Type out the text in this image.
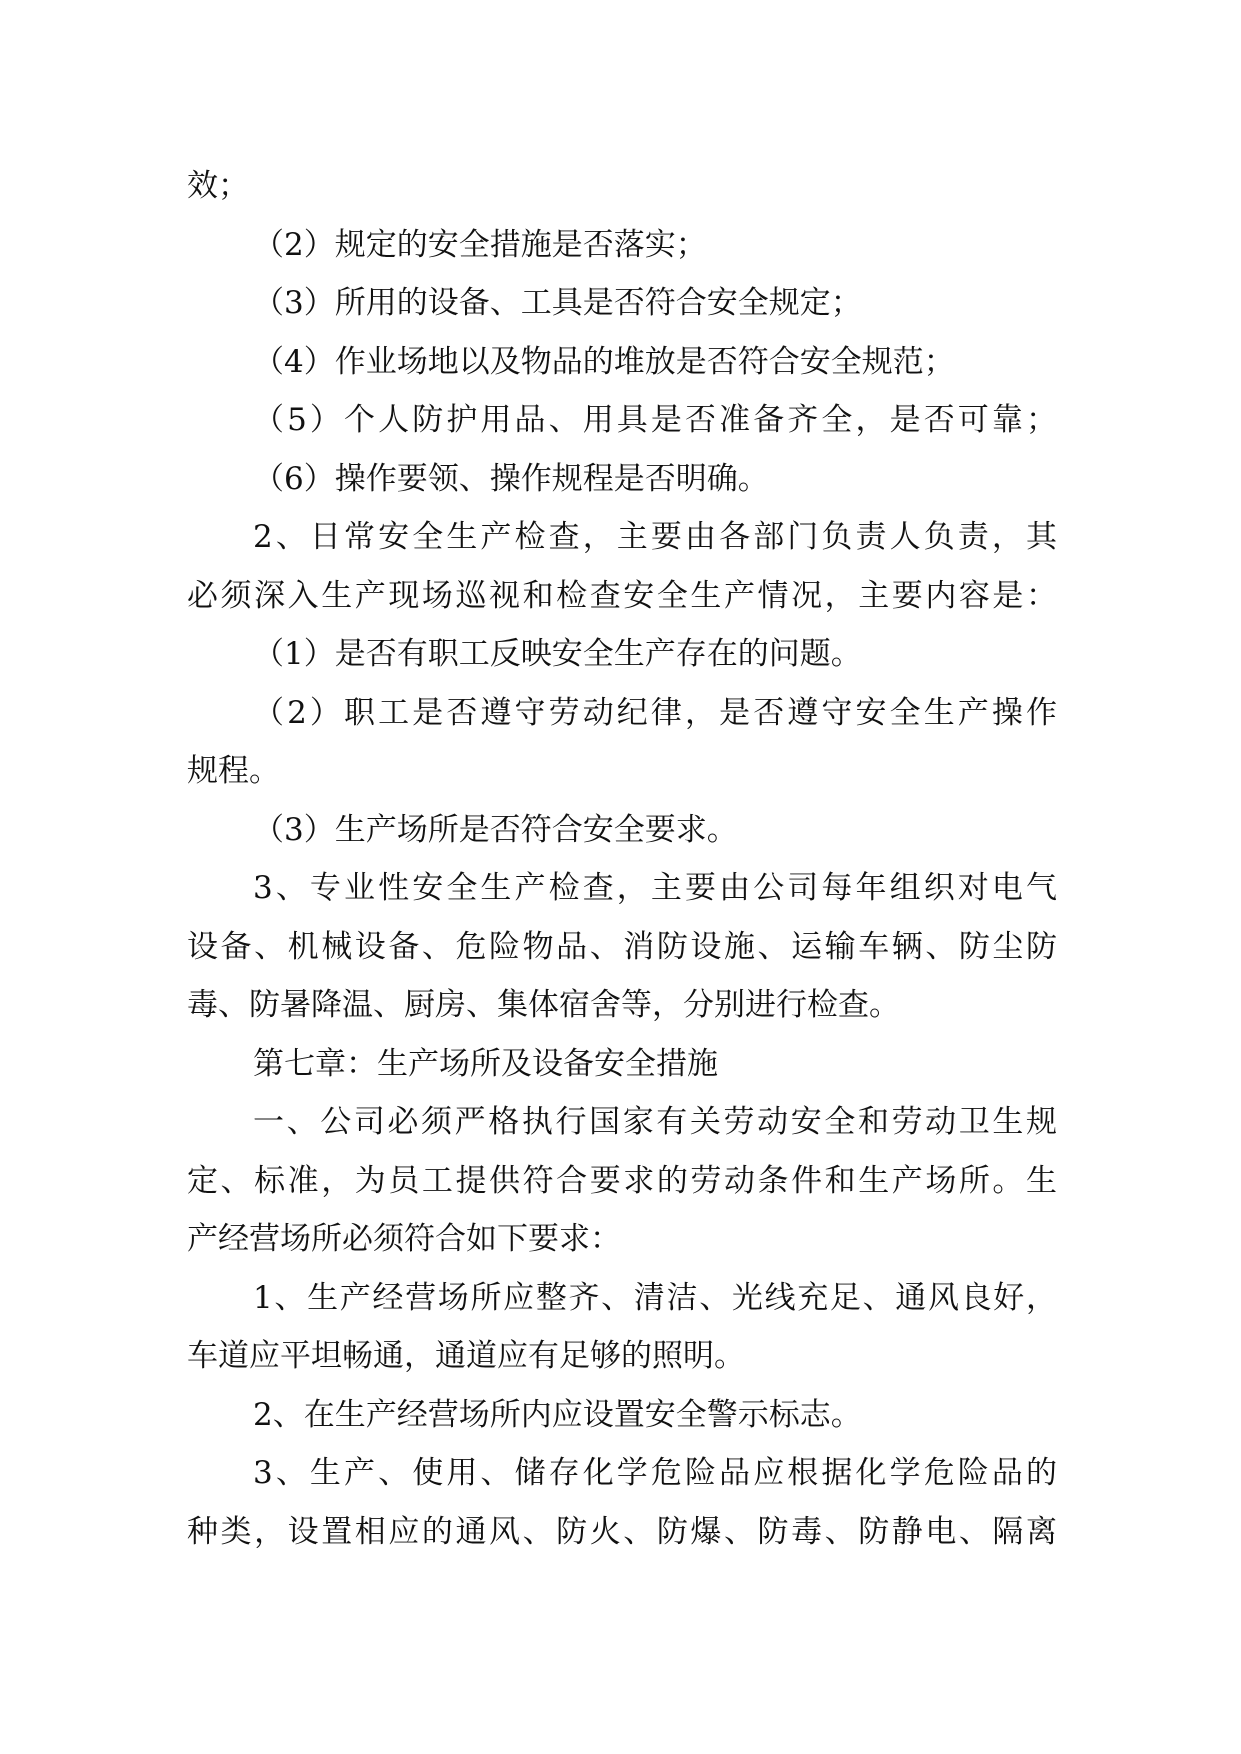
效；
（2）规定的安全措施是否落实；
（3）所用的设备、工具是否符合安全规定；
（4）作业场地以及物品的堆放是否符合安全规范；
（5）个人防护用品、用具是否准备齐全，是否可靠；
（6）操作要领、操作规程是否明确。
2、日常安全生产检查，主要由各部门负责人负责，其
必须深入生产现场巡视和检查安全生产情况，主要内容是：
（1）是否有职工反映安全生产存在的问题。
（2）职工是否遵守劳动纪律，是否遵守安全生产操作
规程。
（3）生产场所是否符合安全要求。
3、专业性安全生产检查，主要由公司每年组织对电气
设备、机械设备、危险物品、消防设施、运输车辆、防尘防
毒、防暑降温、厨房、集体宿舍等，分别进行检查。
第七章：生产场所及设备安全措施
一、公司必须严格执行国家有关劳动安全和劳动卫生规
定、标准，为员工提供符合要求的劳动条件和生产场所。生
产经营场所必须符合如下要求：
1、生产经营场所应整齐、清洁、光线充足、通风良好，
车道应平坦畅通，通道应有足够的照明。
2、在生产经营场所内应设置安全警示标志。
3、生产、使用、储存化学危险品应根据化学危险品的
种类，设置相应的通风、防火、防爆、防毒、防静电、隔离
